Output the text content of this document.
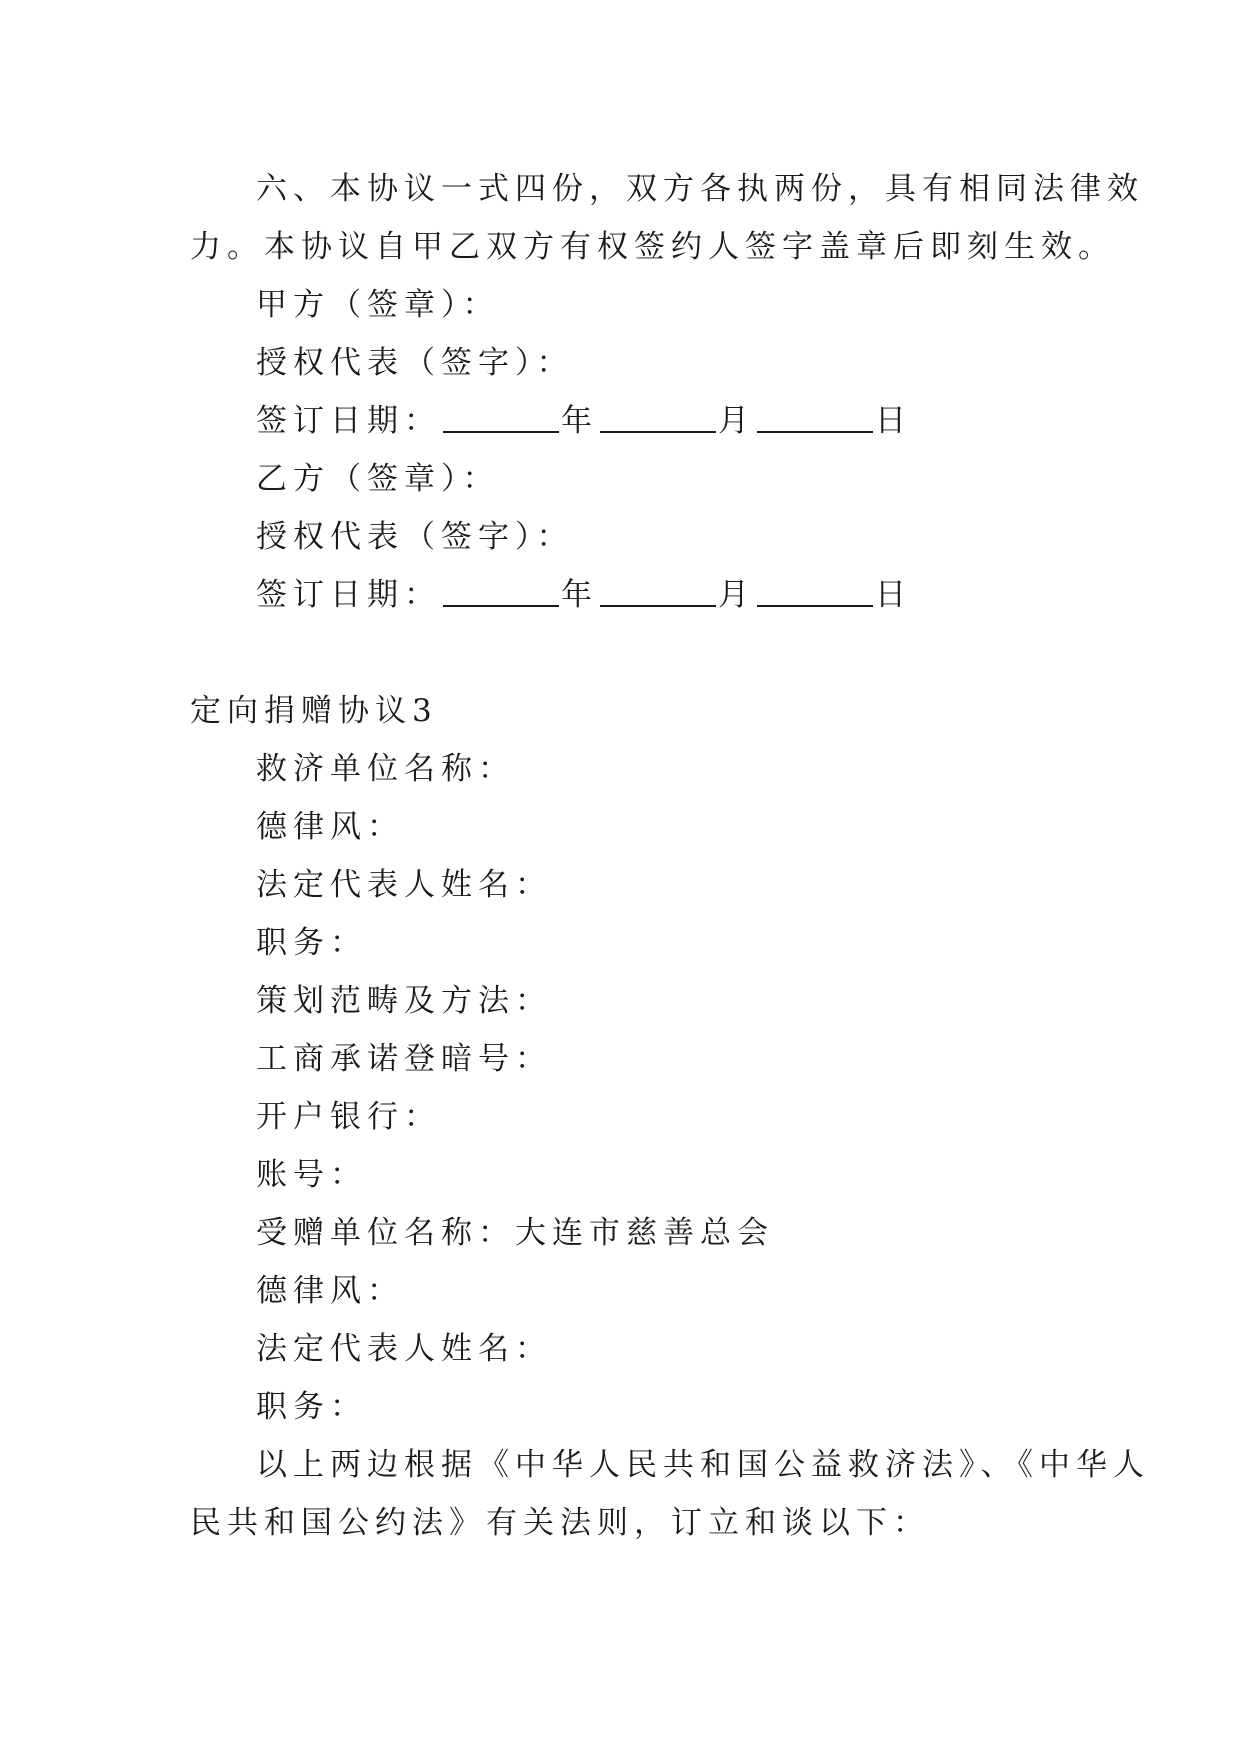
六、本协议一式四份，双方各执两份，具有相同法律效
力。本协议自甲乙双方有权签约人签字盖章后即刻生效。
甲方（签章）：
授权代表（签字）：
签订日期：	年	月	日
乙方（签章）：
授权代表（签字）：
签订日期：	年	月	日
定向捐赠协议3
救济单位名称：
德律风：
法定代表人姓名：
职务：
策划范畴及方法：
工商承诺登暗号：
开户银行：
账号：
受赠单位名称：大连市慈善总会
德律风：
法定代表人姓名：
职务：
以上两边根据《中华人民共和国公益救济法》、《中华人
民共和国公约法》有关法则，订立和谈以下：
